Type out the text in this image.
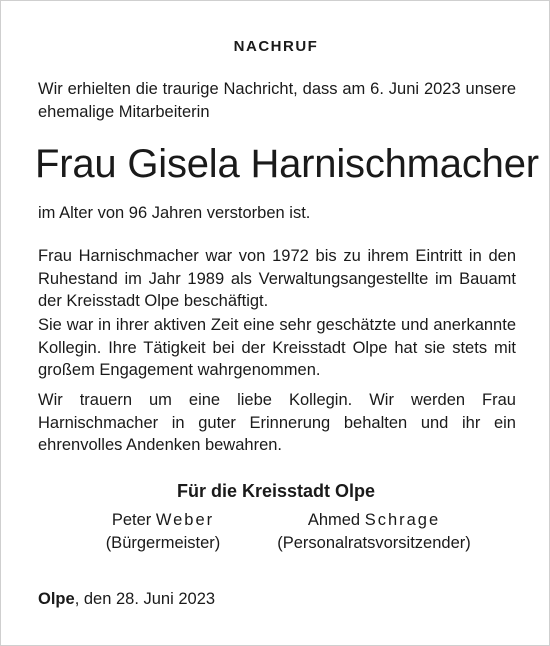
NACHRUF
Wir erhielten die traurige Nachricht, dass am 6. Juni 2023 unsere ehemalige Mitarbeiterin
Frau Gisela Harnischmacher
im Alter von 96 Jahren verstorben ist.
Frau Harnischmacher war von 1972 bis zu ihrem Eintritt in den Ruhestand im Jahr 1989 als Verwaltungsangestellte im Bauamt der Kreisstadt Olpe beschäftigt.
Sie war in ihrer aktiven Zeit eine sehr geschätzte und anerkannte Kollegin. Ihre Tätigkeit bei der Kreisstadt Olpe hat sie stets mit großem Engagement wahrgenommen.
Wir trauern um eine liebe Kollegin. Wir werden Frau Harnischmacher in guter Erinnerung behalten und ihr ein ehrenvolles Andenken bewahren.
Für die Kreisstadt Olpe
Peter Weber
(Bürgermeister)
Ahmed Schrage
(Personalratsvorsitzender)
Olpe, den 28. Juni 2023
